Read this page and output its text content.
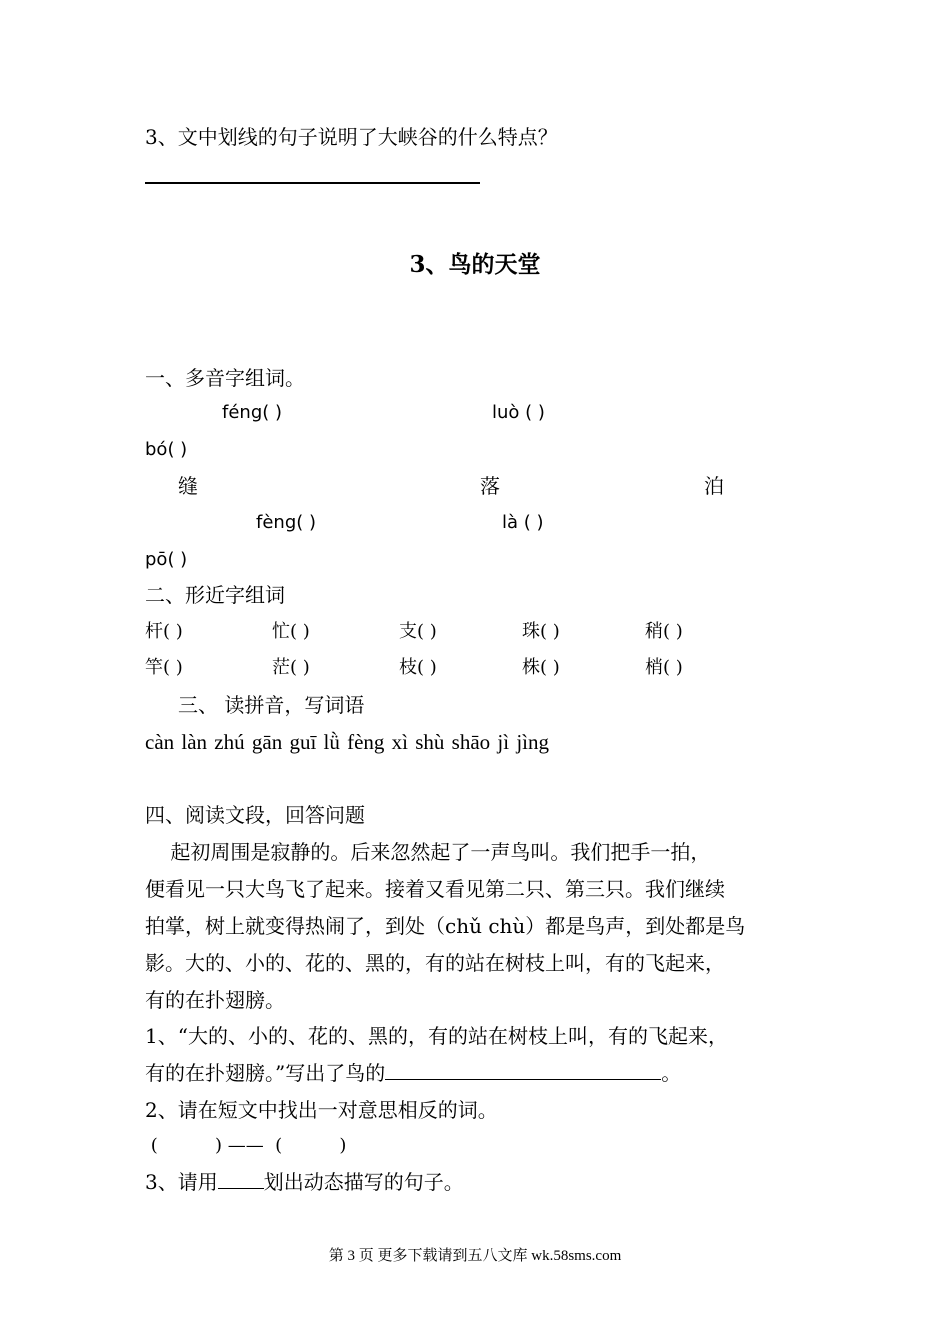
3、文中划线的句子说明了大峡谷的什么特点？
3、鸟的天堂
一、多音字组词。
féng( )	luò ( )
bó( )
缝	落	泊
fèng( )	là ( )
pō( )
二、形近字组词
杆( )	忙( )	支( )	珠( )	稍( )
竿( )	茫( )	枝( )	株( )	梢( )
三、 读拼音，写词语
càn làn zhú gān guī lǜ fèng xì shù shāo jì jìng
四、阅读文段，回答问题
起初周围是寂静的。后来忽然起了一声鸟叫。我们把手一拍，
便看见一只大鸟飞了起来。接着又看见第二只、第三只。我们继续
拍掌，树上就变得热闹了，到处（chǔ chù）都是鸟声，到处都是鸟
影。大的、小的、花的、黑的，有的站在树枝上叫，有的飞起来，
有的在扑翅膀。
1、“大的、小的、花的、黑的，有的站在树枝上叫，有的飞起来，
有的在扑翅膀。”写出了鸟的	。
2、请在短文中找出一对意思相反的词。
(          ) ——  (          )
3、请用 划出动态描写的句子。
第 3 页 更多下载请到五八文库 wk.58sms.com
